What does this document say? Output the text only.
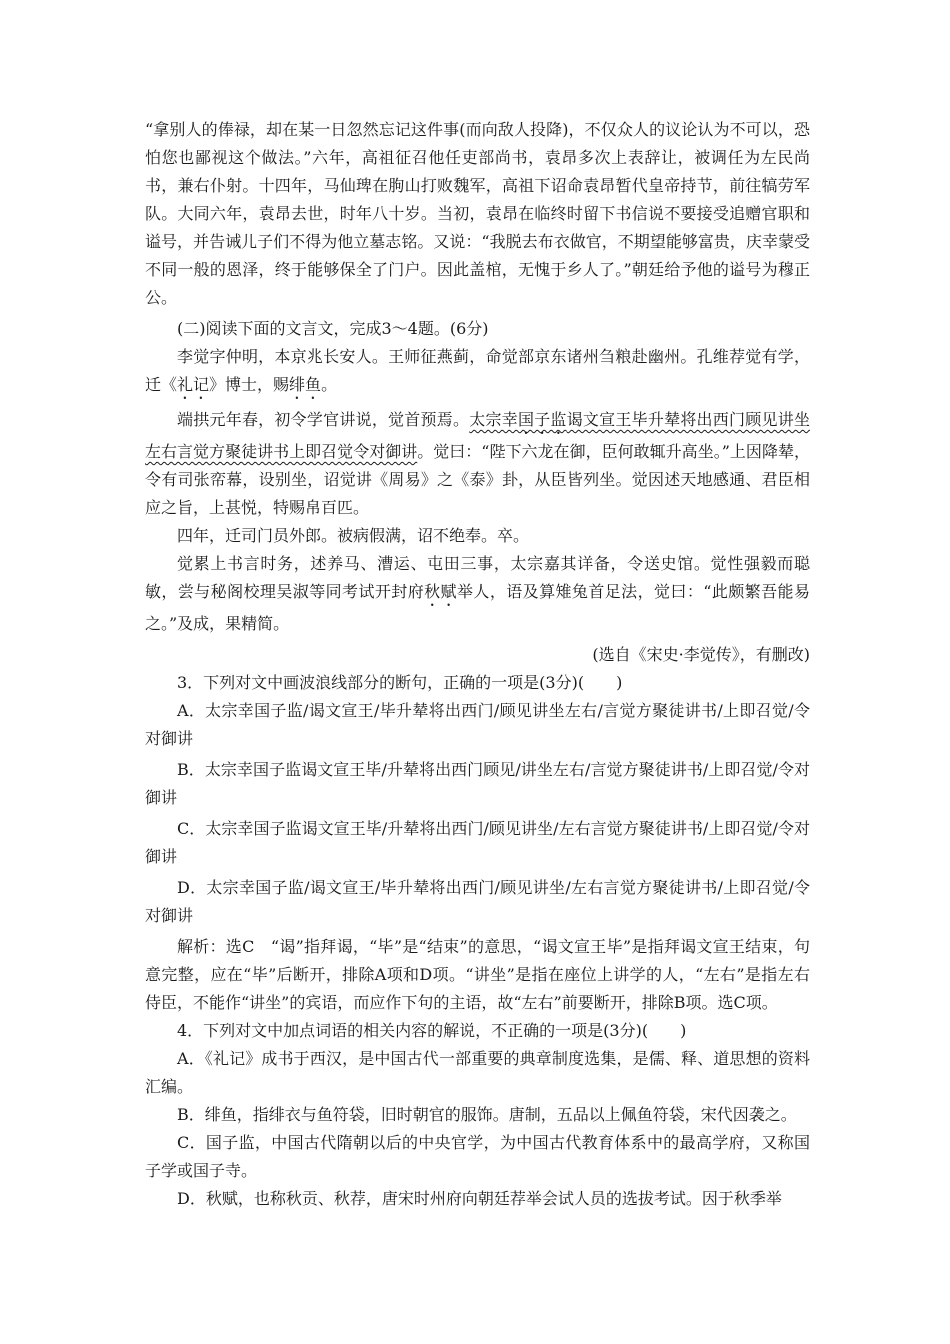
“拿别人的俸禄，却在某一日忽然忘记这件事(而向敌人投降)，不仅众人的议论认为不可以，恐怕您也鄙视这个做法。”六年，高祖征召他任吏部尚书，袁昂多次上表辞让，被调任为左民尚书，兼右仆射。十四年，马仙琕在朐山打败魏军，高祖下诏命袁昂暂代皇帝持节，前往犒劳军队。大同六年，袁昂去世，时年八十岁。当初，袁昂在临终时留下书信说不要接受追赠官职和谥号，并告诫儿子们不得为他立墓志铭。又说：“我脱去布衣做官，不期望能够富贵，庆幸蒙受不同一般的恩泽，终于能够保全了门户。因此盖棺，无愧于乡人了。”朝廷给予他的谥号为穆正公。

(二)阅读下面的文言文，完成3～4题。(6分)

李觉字仲明，本京兆长安人。王师征燕蓟，命觉部京东诸州刍粮赴幽州。孔维荐觉有学，迁《礼记》博士，赐绯鱼。

端拱元年春，初令学官讲说，觉首预焉。太宗幸国子监谒文宣王毕升辇将出西门顾见讲坐左右言觉方聚徒讲书上即召觉令对御讲。觉曰：“陛下六龙在御，臣何敢辄升高坐。”上因降辇，令有司张帟幕，设别坐，诏觉讲《周易》之《泰》卦，从臣皆列坐。觉因述天地感通、君臣相应之旨，上甚悦，特赐帛百匹。

四年，迁司门员外郎。被病假满，诏不绝奉。卒。

觉累上书言时务，述养马、漕运、屯田三事，太宗嘉其详备，令送史馆。觉性强毅而聪敏，尝与秘阁校理吴淑等同考试开封府秋赋举人，语及算雉兔首足法，觉曰：“此颇繁吾能易之。”及成，果精简。

(选自《宋史·李觉传》，有删改)

3．下列对文中画波浪线部分的断句，正确的一项是(3分)(　　)

A．太宗幸国子监/谒文宣王/毕升辇将出西门/顾见讲坐左右/言觉方聚徒讲书/上即召觉/令对御讲

B．太宗幸国子监谒文宣王毕/升辇将出西门顾见/讲坐左右/言觉方聚徒讲书/上即召觉/令对御讲

C．太宗幸国子监谒文宣王毕/升辇将出西门/顾见讲坐/左右言觉方聚徒讲书/上即召觉/令对御讲

D．太宗幸国子监/谒文宣王/毕升辇将出西门/顾见讲坐/左右言觉方聚徒讲书/上即召觉/令对御讲

解析：选C　“谒”指拜谒，“毕”是“结束”的意思，“谒文宣王毕”是指拜谒文宣王结束，句意完整，应在“毕”后断开，排除A项和D项。“讲坐”是指在座位上讲学的人，“左右”是指左右侍臣，不能作“讲坐”的宾语，而应作下句的主语，故“左右”前要断开，排除B项。选C项。

4．下列对文中加点词语的相关内容的解说，不正确的一项是(3分)(　　)

A．《礼记》成书于西汉，是中国古代一部重要的典章制度选集，是儒、释、道思想的资料汇编。

B．绯鱼，指绯衣与鱼符袋，旧时朝官的服饰。唐制，五品以上佩鱼符袋，宋代因袭之。

C．国子监，中国古代隋朝以后的中央官学，为中国古代教育体系中的最高学府，又称国子学或国子寺。

D．秋赋，也称秋贡、秋荐，唐宋时州府向朝廷荐举会试人员的选拔考试。因于秋季举
